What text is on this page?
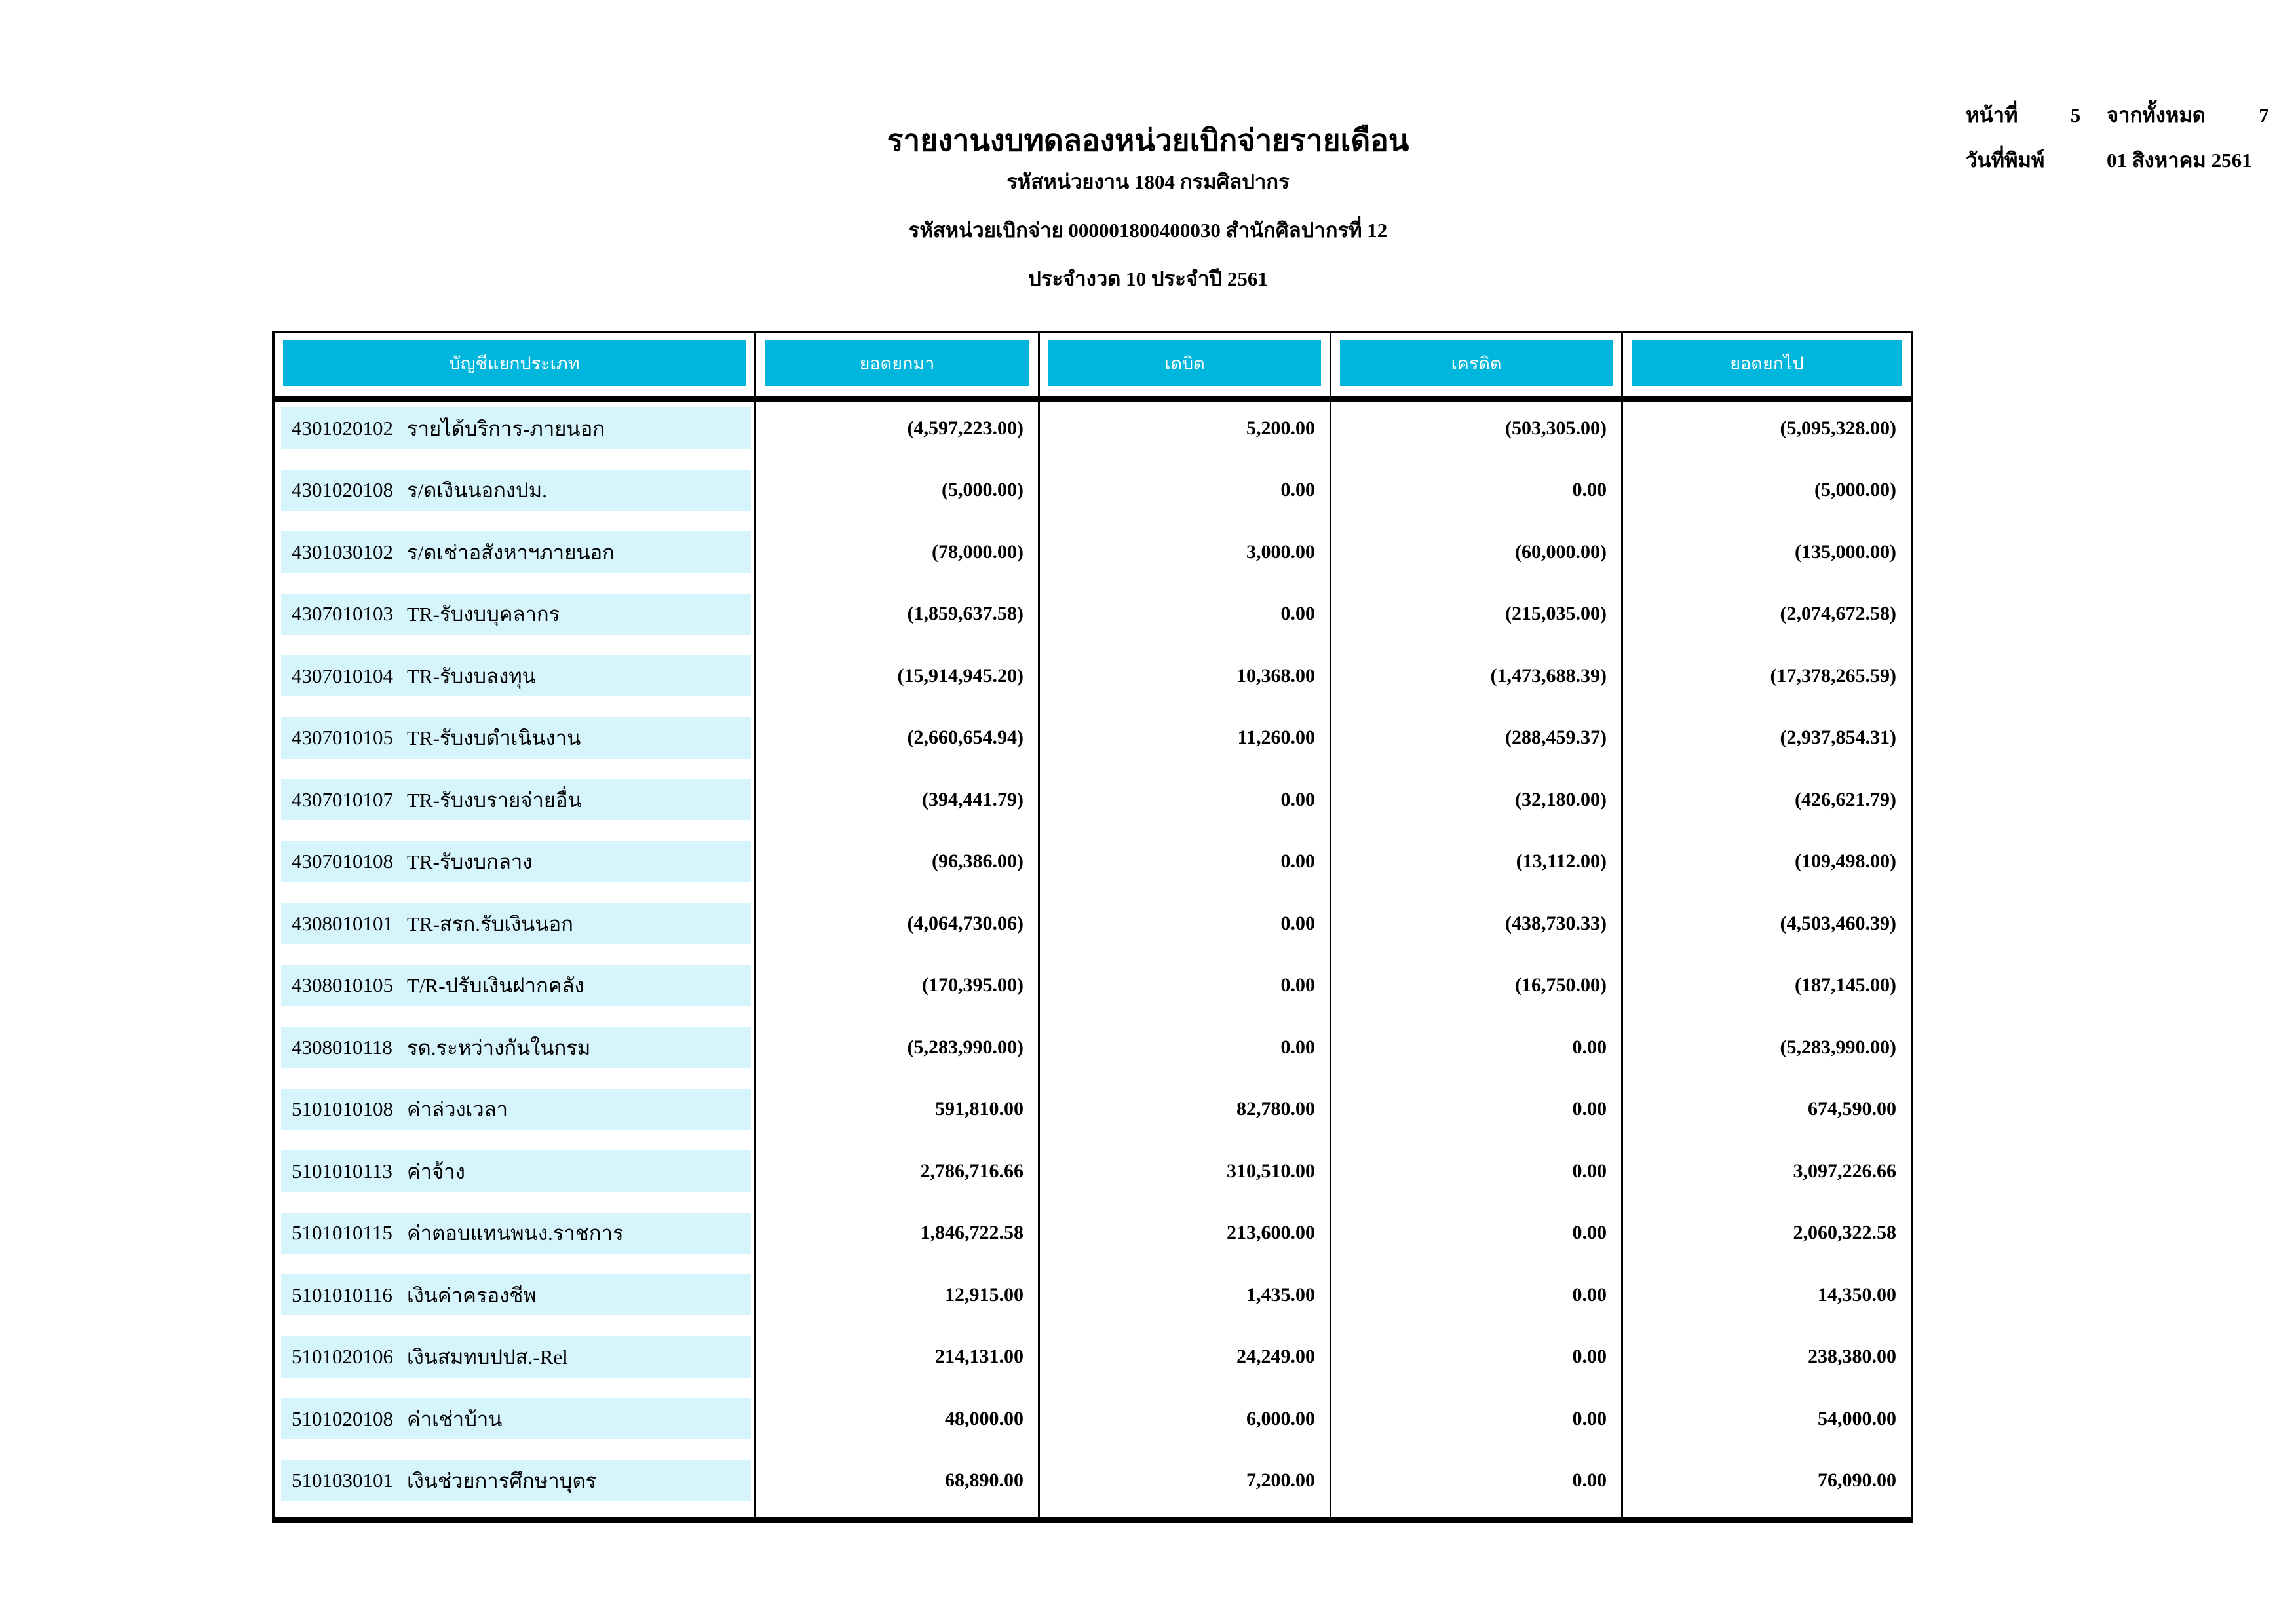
หน้าที่	5	จากทั้งหมด	7
วันที่พิมพ์	01 สิงหาคม 2561
รายงานงบทดลองหน่วยเบิกจ่ายรายเดือน
รหัสหน่วยงาน 1804 กรมศิลปากร
รหัสหน่วยเบิกจ่าย 000001800400030 สำนักศิลปากรที่ 12
ประจำงวด 10 ประจำปี 2561
บัญชีแยกประเภท	ยอดยกมา	เดบิต	เครดิต	ยอดยกไป
4301020102 รายได้บริการ-ภายนอก	(4,597,223.00)	5,200.00	(503,305.00)	(5,095,328.00)
4301020108 ร/ดเงินนอกงปม.	(5,000.00)	0.00	0.00	(5,000.00)
4301030102 ร/ดเช่าอสังหาฯภายนอก	(78,000.00)	3,000.00	(60,000.00)	(135,000.00)
4307010103 TR-รับงบบุคลากร	(1,859,637.58)	0.00	(215,035.00)	(2,074,672.58)
4307010104 TR-รับงบลงทุน	(15,914,945.20)	10,368.00	(1,473,688.39)	(17,378,265.59)
4307010105 TR-รับงบดำเนินงาน	(2,660,654.94)	11,260.00	(288,459.37)	(2,937,854.31)
4307010107 TR-รับงบรายจ่ายอื่น	(394,441.79)	0.00	(32,180.00)	(426,621.79)
4307010108 TR-รับงบกลาง	(96,386.00)	0.00	(13,112.00)	(109,498.00)
4308010101 TR-สรก.รับเงินนอก	(4,064,730.06)	0.00	(438,730.33)	(4,503,460.39)
4308010105 T/R-ปรับเงินฝากคลัง	(170,395.00)	0.00	(16,750.00)	(187,145.00)
4308010118 รด.ระหว่างกันในกรม	(5,283,990.00)	0.00	0.00	(5,283,990.00)
5101010108 ค่าล่วงเวลา	591,810.00	82,780.00	0.00	674,590.00
5101010113 ค่าจ้าง	2,786,716.66	310,510.00	0.00	3,097,226.66
5101010115 ค่าตอบแทนพนง.ราชการ	1,846,722.58	213,600.00	0.00	2,060,322.58
5101010116 เงินค่าครองชีพ	12,915.00	1,435.00	0.00	14,350.00
5101020106 เงินสมทบปปส.-Rel	214,131.00	24,249.00	0.00	238,380.00
5101020108 ค่าเช่าบ้าน	48,000.00	6,000.00	0.00	54,000.00
5101030101 เงินช่วยการศึกษาบุตร	68,890.00	7,200.00	0.00	76,090.00
